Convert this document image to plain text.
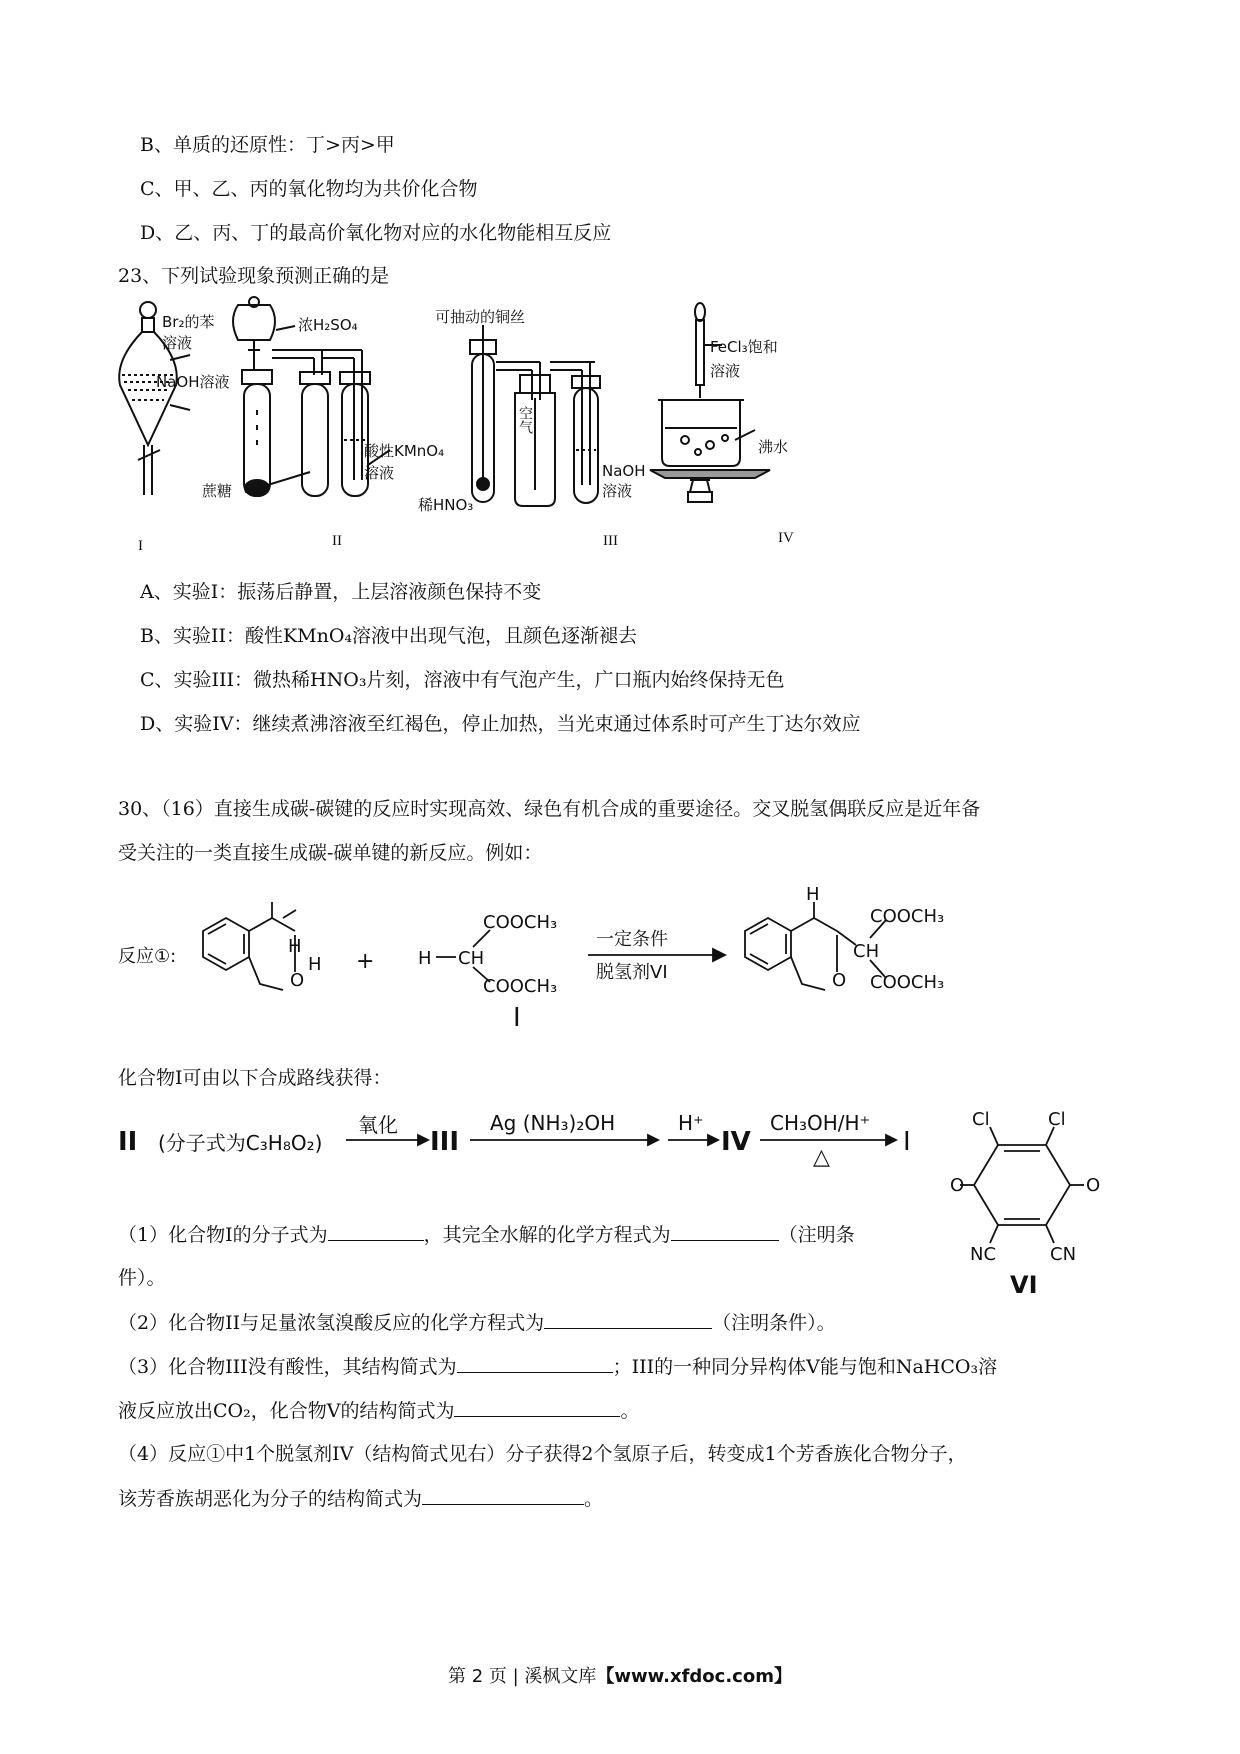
B、单质的还原性：丁>丙>甲
C、甲、乙、丙的氧化物均为共价化合物
D、乙、丙、丁的最高价氧化物对应的水化物能相互反应
23、下列试验现象预测正确的是
Br₂的苯
溶液
NaOH溶液
浓H₂SO₄
蔗糖
酸性KMnO₄
溶液
可抽动的铜丝
空气
稀HNO₃
NaOH
溶液
FeCl₃饱和
溶液
沸水
I	II	III	IV
A、实验I：振荡后静置，上层溶液颜色保持不变
B、实验II：酸性KMnO₄溶液中出现气泡，且颜色逐渐褪去
C、实验III：微热稀HNO₃片刻，溶液中有气泡产生，广口瓶内始终保持无色
D、实验IV：继续煮沸溶液至红褐色，停止加热，当光束通过体系时可产生丁达尔效应
30、（16）直接生成碳-碳键的反应时实现高效、绿色有机合成的重要途径。交叉脱氢偶联反应是近年备
受关注的一类直接生成碳-碳单键的新反应。例如：
反应①:	H
H
O
+ H CH
COOCH₃
COOCH₃
I
一定条件
脱氢剂VI
H
O
CH
COOCH₃
COOCH₃
化合物I可由以下合成路线获得：
II (分子式为C₃H₈O₂)
氧化
III
Ag (NH₃)₂OH	H⁺
IV
CH₃OH/H⁺
△
I
Cl	Cl
O	O
NC	CN
VI
（1）化合物I的分子式为	，其完全水解的化学方程式为	（注明条
件）。
（2）化合物II与足量浓氢溴酸反应的化学方程式为	（注明条件）。
（3）化合物III没有酸性，其结构简式为	；III的一种同分异构体V能与饱和NaHCO₃溶
液反应放出CO₂，化合物V的结构简式为	。
（4）反应①中1个脱氢剂IV（结构简式见右）分子获得2个氢原子后，转变成1个芳香族化合物分子，
该芳香族胡恶化为分子的结构简式为	。
第 2 页 | 溪枫文库【www.xfdoc.com】
